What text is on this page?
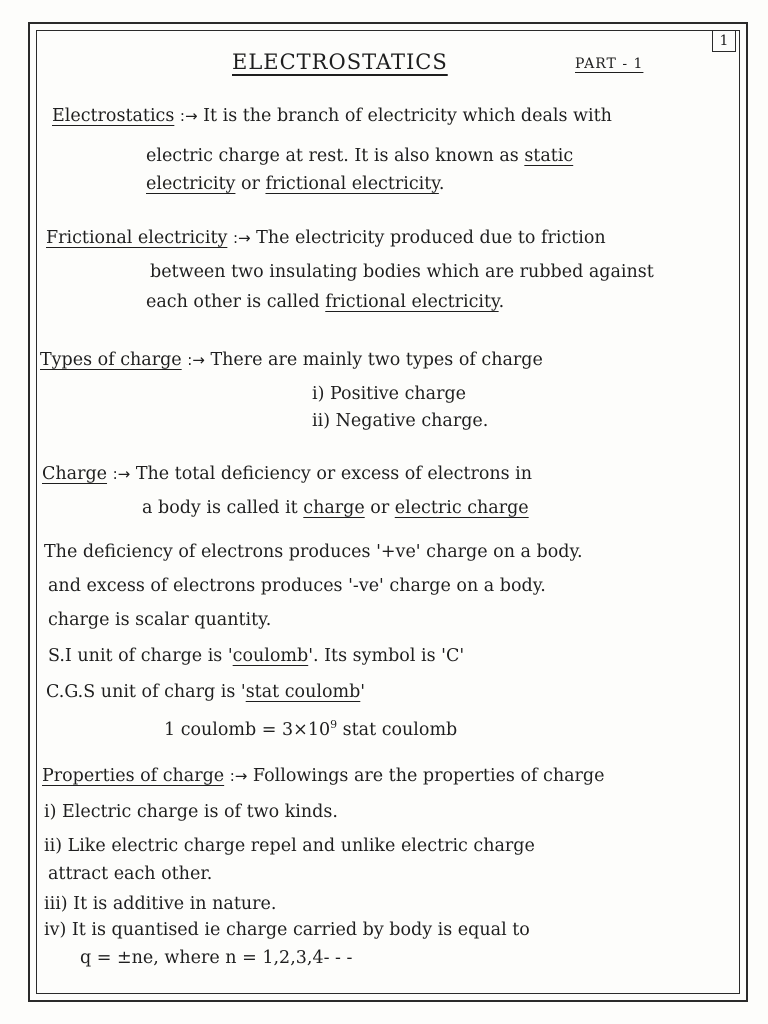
1
ELECTROSTATICS	PART - 1
Electrostatics :→ It is the branch of electricity which deals with
electric charge at rest. It is also known as static
electricity or frictional electricity.
Frictional electricity :→ The electricity produced due to friction
between two insulating bodies which are rubbed against
each other is called frictional electricity.
Types of charge :→ There are mainly two types of charge
i) Positive charge
ii) Negative charge.
Charge :→ The total deficiency or excess of electrons in
a body is called it charge or electric charge
The deficiency of electrons produces '+ve' charge on a body.
and excess of electrons produces '-ve' charge on a body.
charge is scalar quantity.
S.I unit of charge is 'coulomb'. Its symbol is 'C'
C.G.S unit of charg is 'stat coulomb'
1 coulomb = $3\times 10^9$ stat coulomb
Properties of charge :→ Followings are the properties of charge
i) Electric charge is of two kinds.
ii) Like electric charge repel and unlike electric charge
attract each other.
iii) It is additive in nature.
iv) It is quantised ie charge carried by body is equal to
q = ±ne, where n = 1,2,3,4- - -
